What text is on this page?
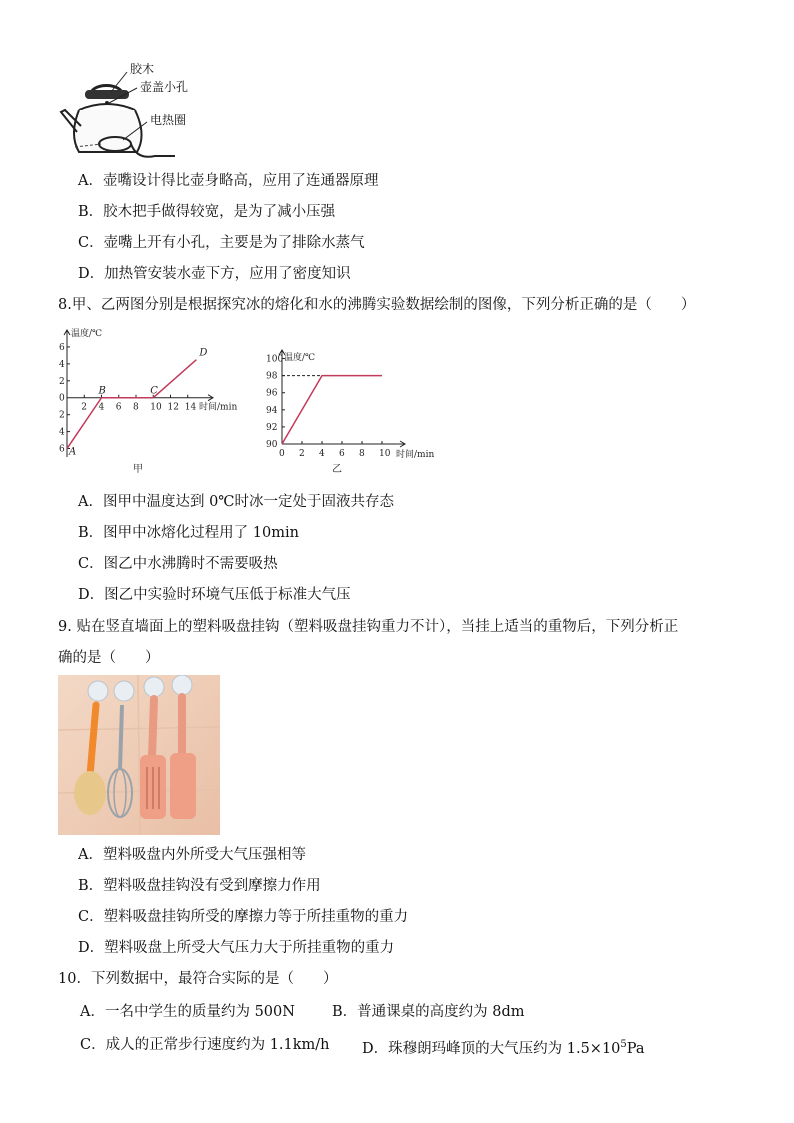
胶木
壶盖小孔
电热圈
A．壶嘴设计得比壶身略高，应用了连通器原理
B．胶木把手做得较宽，是为了减小压强
C．壶嘴上开有小孔，主要是为了排除水蒸气
D．加热管安装水壶下方，应用了密度知识
8.甲、乙两图分别是根据探究冰的熔化和水的沸腾实验数据绘制的图像，下列分析正确的是（　　）
温度/℃
时间/min
6
4
2
2
4
6
0
2 4 6 8 10 12 14
A
B	C
D
甲
温度/℃
时间/min
90
92
94
96
98
100
0 2 4 6 8 10
乙
A．图甲中温度达到 0℃时冰一定处于固液共存态
B．图甲中冰熔化过程用了 10min
C．图乙中水沸腾时不需要吸热
D．图乙中实验时环境气压低于标准大气压
9. 贴在竖直墙面上的塑料吸盘挂钩（塑料吸盘挂钩重力不计），当挂上适当的重物后，下列分析正
确的是（　　）
A．塑料吸盘内外所受大气压强相等
B．塑料吸盘挂钩没有受到摩擦力作用
C．塑料吸盘挂钩所受的摩擦力等于所挂重物的重力
D．塑料吸盘上所受大气压力大于所挂重物的重力
10．下列数据中，最符合实际的是（　　）
A．一名中学生的质量约为 500N	B．普通课桌的高度约为 8dm
C．成人的正常步行速度约为 1.1km/h D．珠穆朗玛峰顶的大气压约为 $1.5\times 10^5Pa$
